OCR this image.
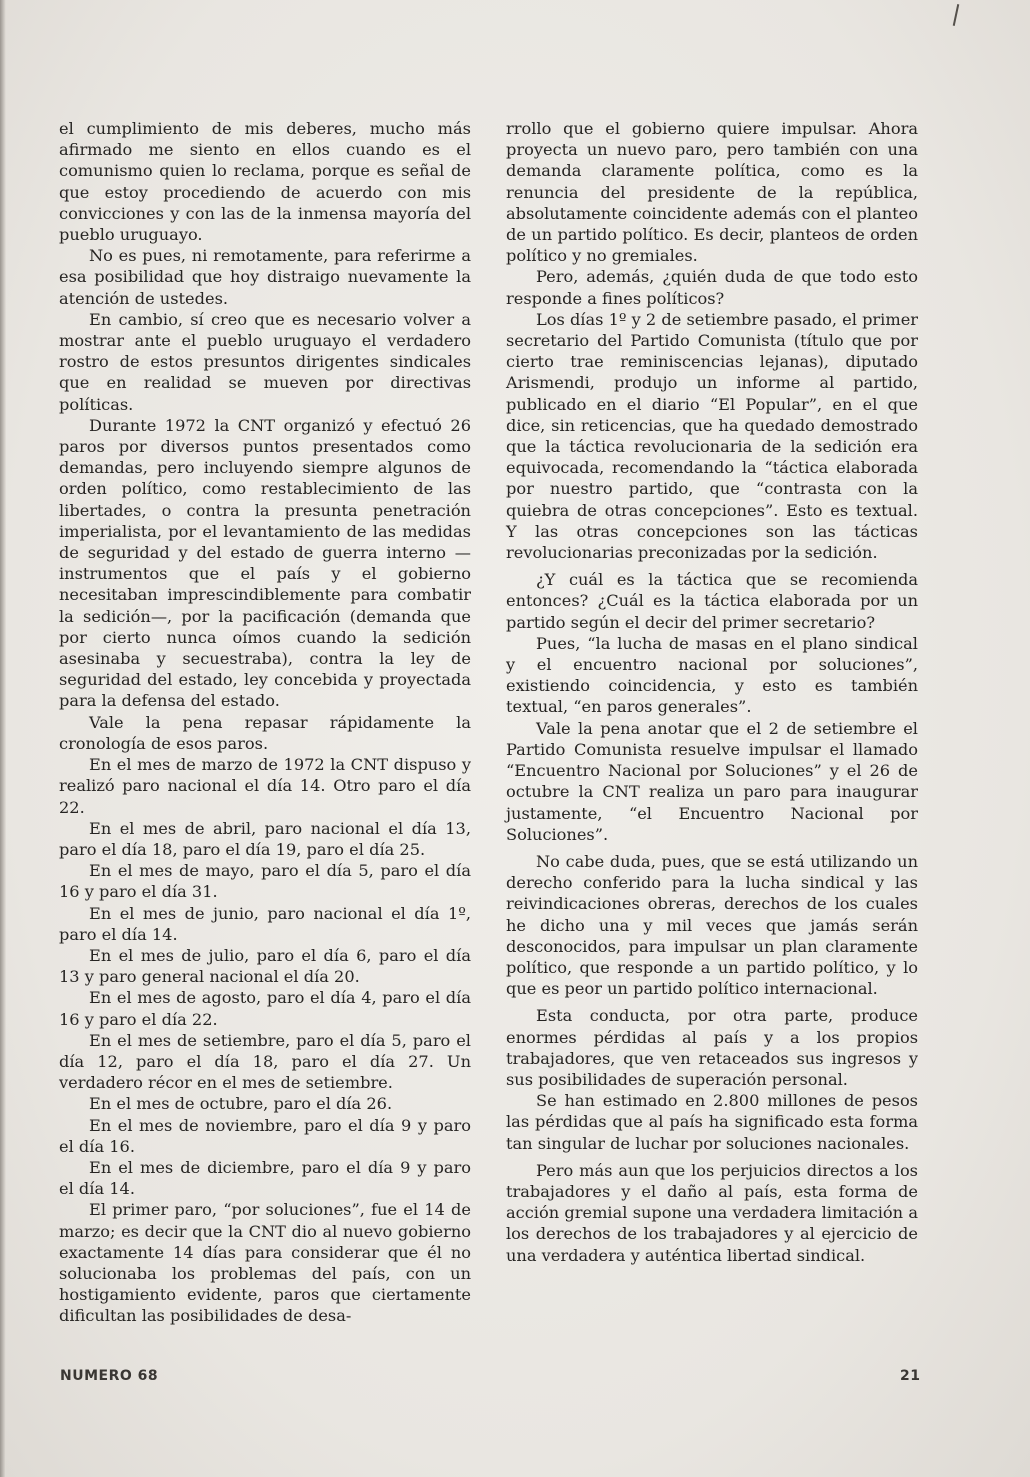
el cumplimiento de mis deberes, mucho más afirmado me siento en ellos cuando es el comunismo quien lo reclama, porque es señal de que estoy procediendo de acuerdo con mis convicciones y con las de la inmensa mayoría del pueblo uruguayo.

No es pues, ni remotamente, para referirme a esa posibilidad que hoy distraigo nuevamente la atención de ustedes.

En cambio, sí creo que es necesario volver a mostrar ante el pueblo uruguayo el verdadero rostro de estos presuntos dirigentes sindicales que en realidad se mueven por directivas políticas.

Durante 1972 la CNT organizó y efectuó 26 paros por diversos puntos presentados como demandas, pero incluyendo siempre algunos de orden político, como restablecimiento de las libertades, o contra la presunta penetración imperialista, por el levantamiento de las medidas de seguridad y del estado de guerra interno —instrumentos que el país y el gobierno necesitaban imprescindiblemente para combatir la sedición—, por la pacificación (demanda que por cierto nunca oímos cuando la sedición asesinaba y secuestraba), contra la ley de seguridad del estado, ley concebida y proyectada para la defensa del estado.

Vale la pena repasar rápidamente la cronología de esos paros.

En el mes de marzo de 1972 la CNT dispuso y realizó paro nacional el día 14. Otro paro el día 22.

En el mes de abril, paro nacional el día 13, paro el día 18, paro el día 19, paro el día 25.

En el mes de mayo, paro el día 5, paro el día 16 y paro el día 31.

En el mes de junio, paro nacional el día 1º, paro el día 14.

En el mes de julio, paro el día 6, paro el día 13 y paro general nacional el día 20.

En el mes de agosto, paro el día 4, paro el día 16 y paro el día 22.

En el mes de setiembre, paro el día 5, paro el día 12, paro el día 18, paro el día 27. Un verdadero récor en el mes de setiembre.

En el mes de octubre, paro el día 26.

En el mes de noviembre, paro el día 9 y paro el día 16.

En el mes de diciembre, paro el día 9 y paro el día 14.

El primer paro, “por soluciones”, fue el 14 de marzo; es decir que la CNT dio al nuevo gobierno exactamente 14 días para considerar que él no solucionaba los problemas del país, con un hostigamiento evidente, paros que ciertamente dificultan las posibilidades de desa-

rrollo que el gobierno quiere impulsar. Ahora proyecta un nuevo paro, pero también con una demanda claramente política, como es la renuncia del presidente de la república, absolutamente coincidente además con el planteo de un partido político. Es decir, planteos de orden político y no gremiales.

Pero, además, ¿quién duda de que todo esto responde a fines políticos?

Los días 1º y 2 de setiembre pasado, el primer secretario del Partido Comunista (título que por cierto trae reminiscencias lejanas), diputado Arismendi, produjo un informe al partido, publicado en el diario “El Popular”, en el que dice, sin reticencias, que ha quedado demostrado que la táctica revolucionaria de la sedición era equivocada, recomendando la “táctica elaborada por nuestro partido, que “contrasta con la quiebra de otras concepciones”. Esto es textual. Y las otras concepciones son las tácticas revolucionarias preconizadas por la sedición.

¿Y cuál es la táctica que se recomienda entonces? ¿Cuál es la táctica elaborada por un partido según el decir del primer secretario?

Pues, “la lucha de masas en el plano sindical y el encuentro nacional por soluciones”, existiendo coincidencia, y esto es también textual, “en paros generales”.

Vale la pena anotar que el 2 de setiembre el Partido Comunista resuelve impulsar el llamado “Encuentro Nacional por Soluciones” y el 26 de octubre la CNT realiza un paro para inaugurar justamente, “el Encuentro Nacional por Soluciones”.

No cabe duda, pues, que se está utilizando un derecho conferido para la lucha sindical y las reivindicaciones obreras, derechos de los cuales he dicho una y mil veces que jamás serán desconocidos, para impulsar un plan claramente político, que responde a un partido político, y lo que es peor un partido político internacional.

Esta conducta, por otra parte, produce enormes pérdidas al país y a los propios trabajadores, que ven retaceados sus ingresos y sus posibilidades de superación personal.

Se han estimado en 2.800 millones de pesos las pérdidas que al país ha significado esta forma tan singular de luchar por soluciones nacionales.

Pero más aun que los perjuicios directos a los trabajadores y el daño al país, esta forma de acción gremial supone una verdadera limitación a los derechos de los trabajadores y al ejercicio de una verdadera y auténtica libertad sindical.

NUMERO 68	21
